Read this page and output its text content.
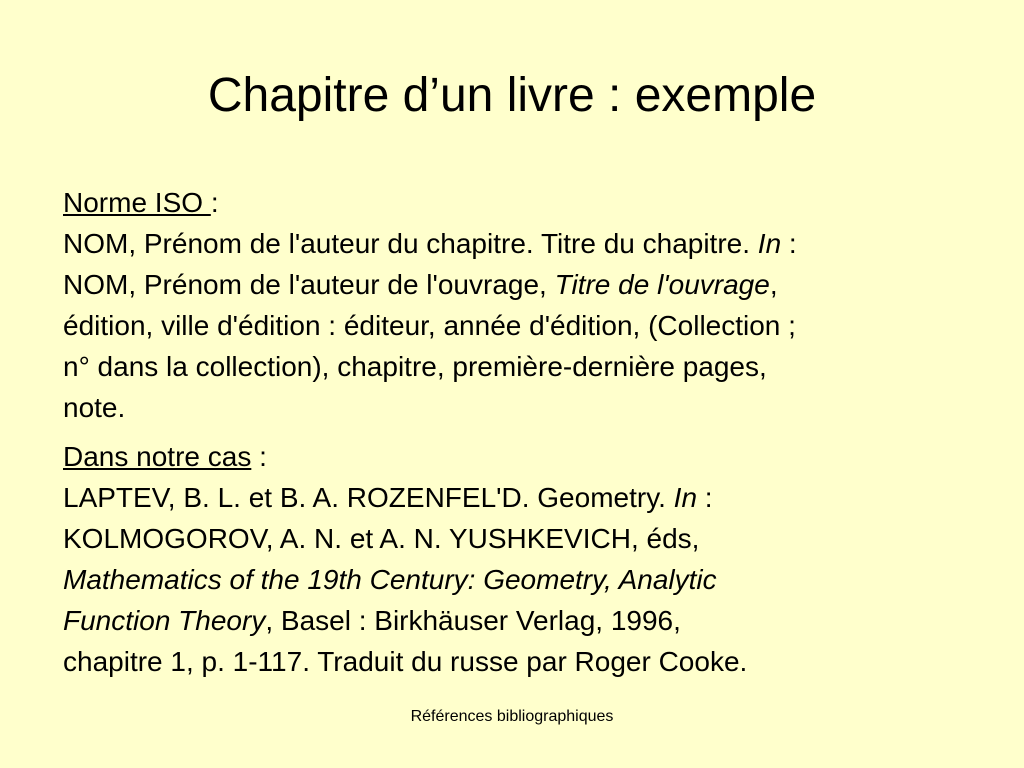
Chapitre d’un livre : exemple

Norme ISO :
NOM, Prénom de l'auteur du chapitre. Titre du chapitre. In :
NOM, Prénom de l'auteur de l'ouvrage, Titre de l'ouvrage,
édition, ville d'édition : éditeur, année d'édition, (Collection ;
n° dans la collection), chapitre, première-dernière pages,
note.

Dans notre cas :
LAPTEV, B. L. et B. A. ROZENFEL'D. Geometry. In :
KOLMOGOROV, A. N. et A. N. YUSHKEVICH, éds,
Mathematics of the 19th Century: Geometry, Analytic
Function Theory, Basel : Birkhäuser Verlag, 1996,
chapitre 1, p. 1-117. Traduit du russe par Roger Cooke.

Références bibliographiques
